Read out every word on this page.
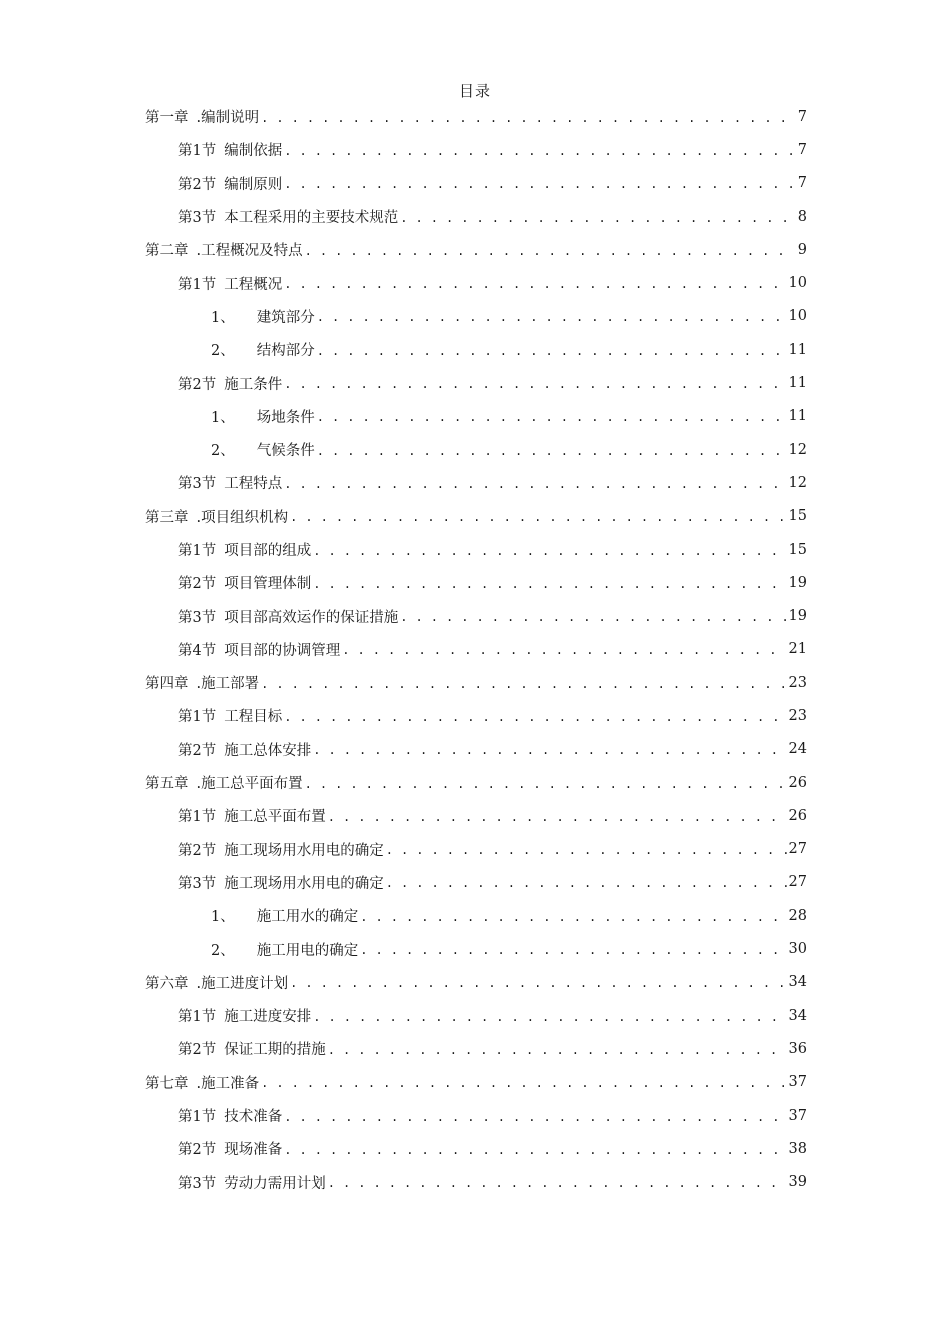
目录
第一章 .编制说明 . . .	7
第1节 编制依据 . . .	7
第2节 编制原则 . . .	7
第3节 本工程采用的主要技术规范 . . .	8
第二章 .工程概况及特点 . . .	9
第1节 工程概况 . . .	10
1、 建筑部分 . . .	10
2、 结构部分 . . .	11
第2节 施工条件 . . .	11
1、 场地条件 . . .	11
2、 气候条件 . . .	12
第3节 工程特点 . . .	12
第三章 .项目组织机构 . . .	15
第1节 项目部的组成 . . .	15
第2节 项目管理体制 . . .	19
第3节 项目部高效运作的保证措施 . . .	19
第4节 项目部的协调管理 . . .	21
第四章 .施工部署 . . .	23
第1节 工程目标 . . .	23
第2节 施工总体安排 . . .	24
第五章 .施工总平面布置 . . .	26
第1节 施工总平面布置 . . .	26
第2节 施工现场用水用电的确定 . . .	27
第3节 施工现场用水用电的确定 . . .	27
1、 施工用水的确定 . . .	28
2、 施工用电的确定 . . .	30
第六章 .施工进度计划 . . .	34
第1节 施工进度安排 . . .	34
第2节 保证工期的措施 . . .	36
第七章 .施工准备 . . .	37
第1节 技术准备 . . .	37
第2节 现场准备 . . .	38
第3节 劳动力需用计划 . . .	39
